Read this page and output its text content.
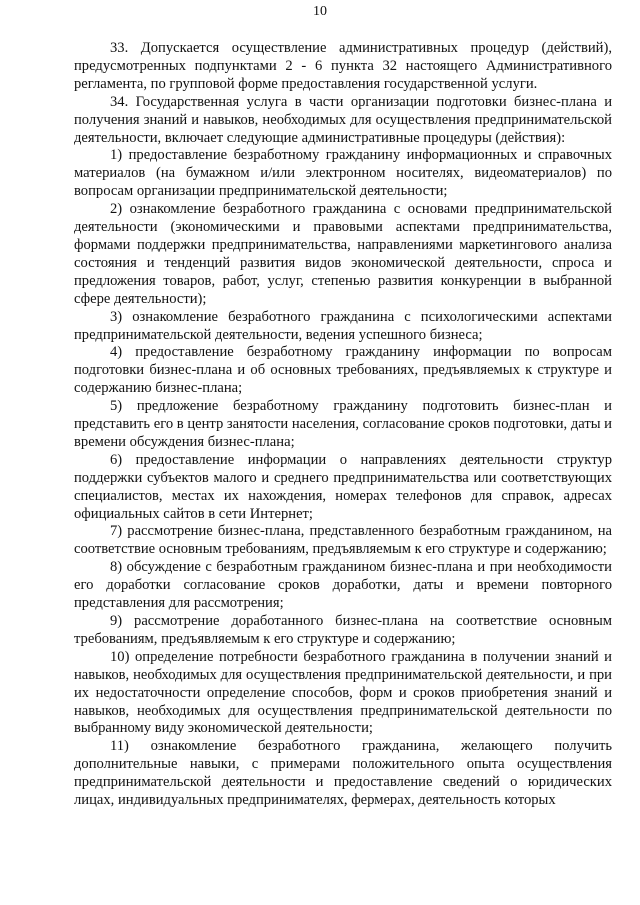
10

33. Допускается осуществление административных процедур (действий), предусмотренных подпунктами 2 - 6 пункта 32 настоящего Административного регламента, по групповой форме предоставления государственной услуги.

34. Государственная услуга в части организации подготовки бизнес-плана и получения знаний и навыков, необходимых для осуществления предпринимательской деятельности, включает следующие административные процедуры (действия):

1) предоставление безработному гражданину информационных и справочных материалов (на бумажном и/или электронном носителях, видеоматериалов) по вопросам организации предпринимательской деятельности;

2) ознакомление безработного гражданина с основами предпринимательской деятельности (экономическими и правовыми аспектами предпринимательства, формами поддержки предпринимательства, направлениями маркетингового анализа состояния и тенденций развития видов экономической деятельности, спроса и предложения товаров, работ, услуг, степенью развития конкуренции в выбранной сфере деятельности);

3) ознакомление безработного гражданина с психологическими аспектами предпринимательской деятельности, ведения успешного бизнеса;

4) предоставление безработному гражданину информации по вопросам подготовки бизнес-плана и об основных требованиях, предъявляемых к структуре и содержанию бизнес-плана;

5) предложение безработному гражданину подготовить бизнес-план и представить его в центр занятости населения, согласование сроков подготовки, даты и времени обсуждения бизнес-плана;

6) предоставление информации о направлениях деятельности структур поддержки субъектов малого и среднего предпринимательства или соответствующих специалистов, местах их нахождения, номерах телефонов для справок, адресах официальных сайтов в сети Интернет;

7) рассмотрение бизнес-плана, представленного безработным гражданином, на соответствие основным требованиям, предъявляемым к его структуре и содержанию;

8) обсуждение с безработным гражданином бизнес-плана и при необходимости его доработки согласование сроков доработки, даты и времени повторного представления для рассмотрения;

9) рассмотрение доработанного бизнес-плана на соответствие основным требованиям, предъявляемым к его структуре и содержанию;

10) определение потребности безработного гражданина в получении знаний и навыков, необходимых для осуществления предпринимательской деятельности, и при их недостаточности определение способов, форм и сроков приобретения знаний и навыков, необходимых для осуществления предпринимательской деятельности по выбранному виду экономической деятельности;

11) ознакомление безработного гражданина, желающего получить дополнительные навыки, с примерами положительного опыта осуществления предпринимательской деятельности и предоставление сведений о юридических лицах, индивидуальных предпринимателях, фермерах, деятельность которых
